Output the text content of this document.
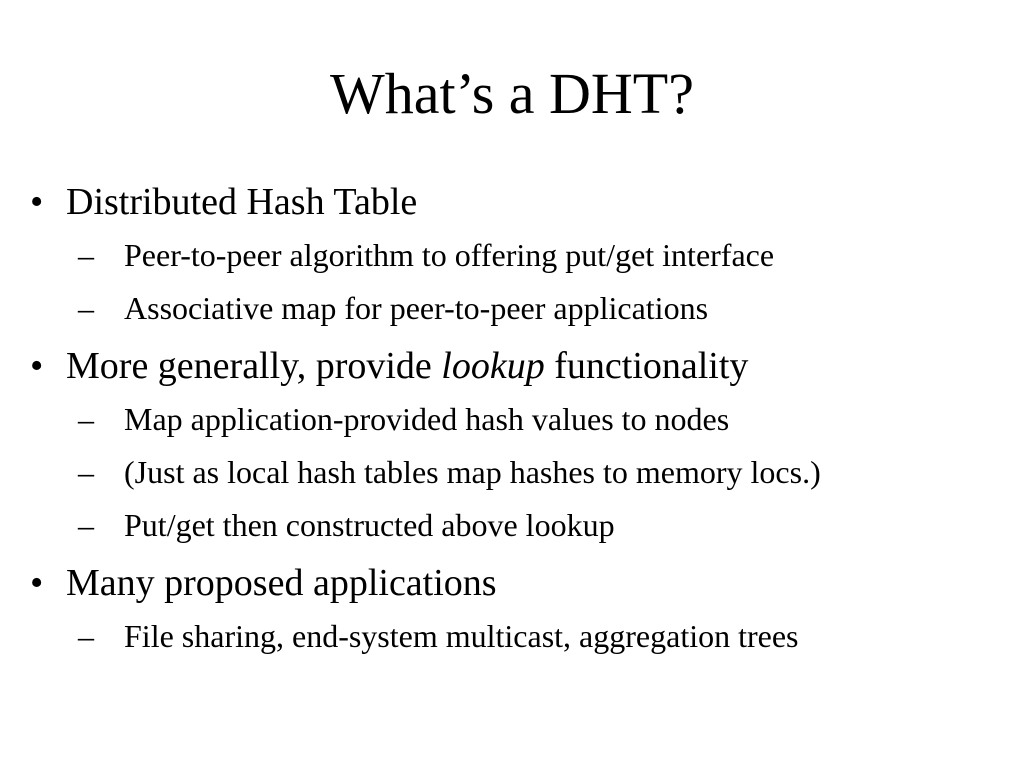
What’s a DHT?
• Distributed Hash Table
– Peer-to-peer algorithm to offering put/get interface
– Associative map for peer-to-peer applications
• More generally, provide lookup functionality
– Map application-provided hash values to nodes
– (Just as local hash tables map hashes to memory locs.)
– Put/get then constructed above lookup
• Many proposed applications
– File sharing, end-system multicast, aggregation trees
